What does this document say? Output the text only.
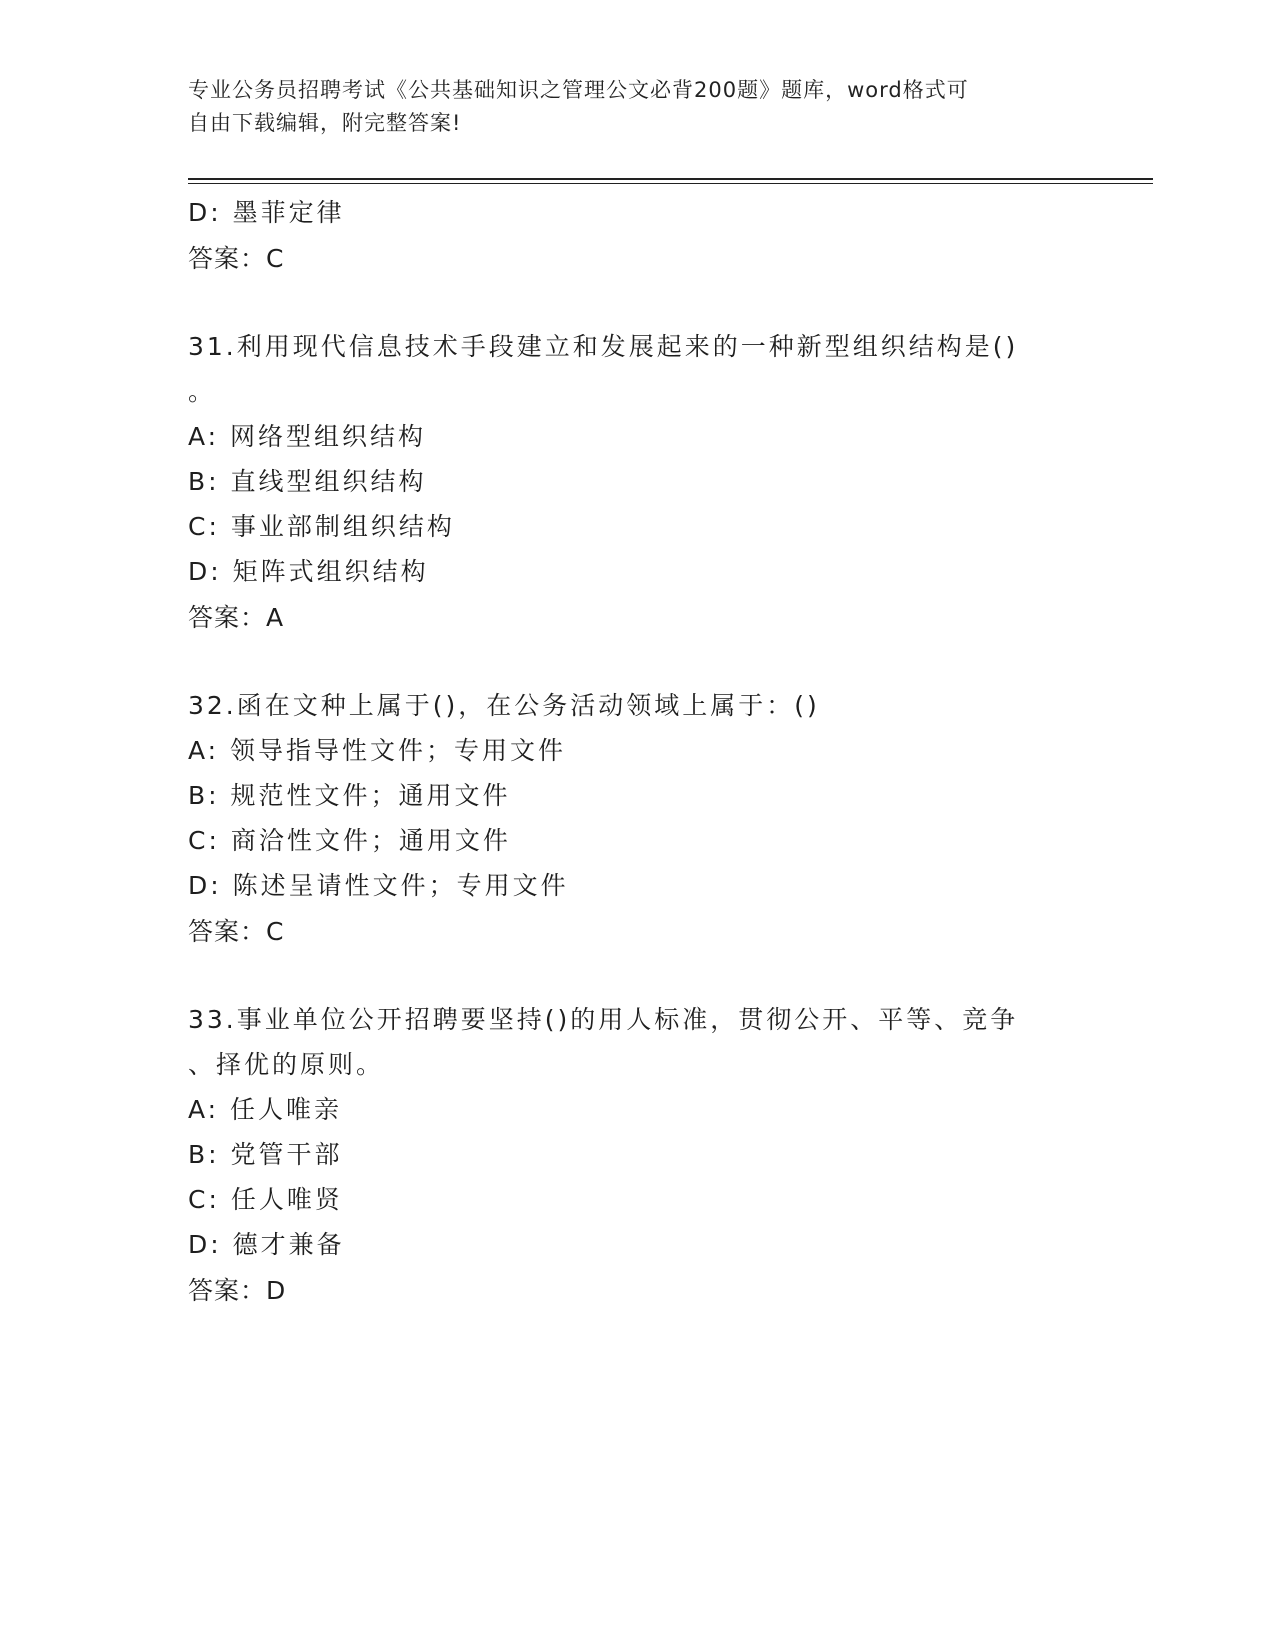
专业公务员招聘考试《公共基础知识之管理公文必背200题》题库，word格式可
自由下载编辑，附完整答案!
D: 墨菲定律
答案：C
31.利用现代信息技术手段建立和发展起来的一种新型组织结构是()
。
A: 网络型组织结构
B: 直线型组织结构
C: 事业部制组织结构
D: 矩阵式组织结构
答案：A
32.函在文种上属于()，在公务活动领域上属于：()
A: 领导指导性文件；专用文件
B: 规范性文件；通用文件
C: 商洽性文件；通用文件
D: 陈述呈请性文件；专用文件
答案：C
33.事业单位公开招聘要坚持()的用人标准，贯彻公开、平等、竞争
、择优的原则。
A: 任人唯亲
B: 党管干部
C: 任人唯贤
D: 德才兼备
答案：D
